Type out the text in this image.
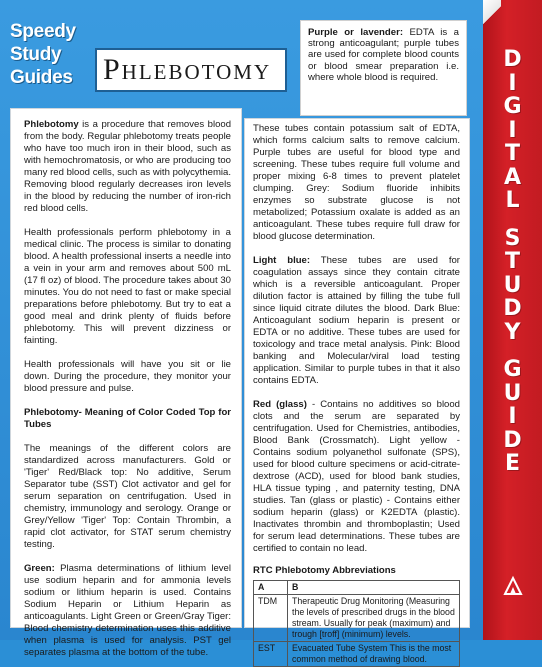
Speedy
Study
Guides	Phlebotomy
Purple or lavender: EDTA is a strong anticoagulant; purple tubes are used for complete blood counts or blood smear preparation i.e. where whole blood is required.

Phlebotomy is a procedure that removes blood from the body. Regular phlebotomy treats people who have too much iron in their blood, such as with hemochromatosis, or who are producing too many red blood cells, such as with polycythemia. Removing blood regularly decreases iron levels in the blood by reducing the number of iron-rich red blood cells.

Health professionals perform phlebotomy in a medical clinic. The process is similar to donating blood. A health professional inserts a needle into a vein in your arm and removes about 500 mL (17 fl oz) of blood. The procedure takes about 30 minutes. You do not need to fast or make special preparations before phlebotomy. But try to eat a good meal and drink plenty of fluids before phlebotomy. This will prevent dizziness or fainting.

Health professionals will have you sit or lie down. During the procedure, they monitor your blood pressure and pulse.

Phlebotomy- Meaning of Color Coded Top for Tubes

The meanings of the different colors are standardized across manufacturers. Gold or 'Tiger' Red/Black top: No additive, Serum Separator tube (SST) Clot activator and gel for serum separation on centrifugation. Used in chemistry, immunology and serology. Orange or Grey/Yellow 'Tiger' Top: Contain Thrombin, a rapid clot activator, for STAT serum chemistry testing.

Green: Plasma determinations of lithium level use sodium heparin and for ammonia levels sodium or lithium heparin is used. Contains Sodium Heparin or Lithium Heparin as anticoagulants. Light Green or Green/Gray Tiger: Blood chemistry determination uses this additive when plasma is used for analysis. PST gel separates plasma at the bottom of the tube.

These tubes contain potassium salt of EDTA, which forms calcium salts to remove calcium. Purple tubes are useful for blood type and screening. These tubes require full volume and proper mixing 6-8 times to prevent platelet clumping. Grey: Sodium fluoride inhibits enzymes so substrate glucose is not metabolized; Potassium oxalate is added as an anticoagulant. These tubes require full draw for blood glucose determination.

Light blue: These tubes are used for coagulation assays since they contain citrate which is a reversible anticoagulant. Proper dilution factor is attained by filling the tube full since liquid citrate dilutes the blood. Dark Blue: Anticoagulant sodium heparin is present or EDTA or no additive. These tubes are used for toxicology and trace metal analysis. Pink: Blood banking and Molecular/viral load testing application. Similar to purple tubes in that it also contains EDTA.

Red (glass) - Contains no additives so blood clots and the serum are separated by centrifugation. Used for Chemistries, antibodies, Blood Bank (Crossmatch). Light yellow - Contains sodium polyanethol sulfonate (SPS), used for blood culture specimens or acid-citrate-dextrose (ACD), used for blood bank studies, HLA tissue typing , and paternity testing, DNA studies. Tan (glass or plastic) - Contains either sodium heparin (glass) or K2EDTA (plastic). Inactivates thrombin and thromboplastin; Used for serum lead determinations. These tubes are certified to contain no lead.

RTC Phlebotomy Abbreviations
A	B
TDM	Therapeutic Drug Monitoring (Measuring the levels of prescribed drugs in the blood stream. Usually for peak (maximum) and trough [troff] (minimum) levels.
EST	Evacuated Tube System This is the most common method of drawing blood.
D
I
G
I
T
A
L
S
T
U
D
Y
G
U
I
D
E
